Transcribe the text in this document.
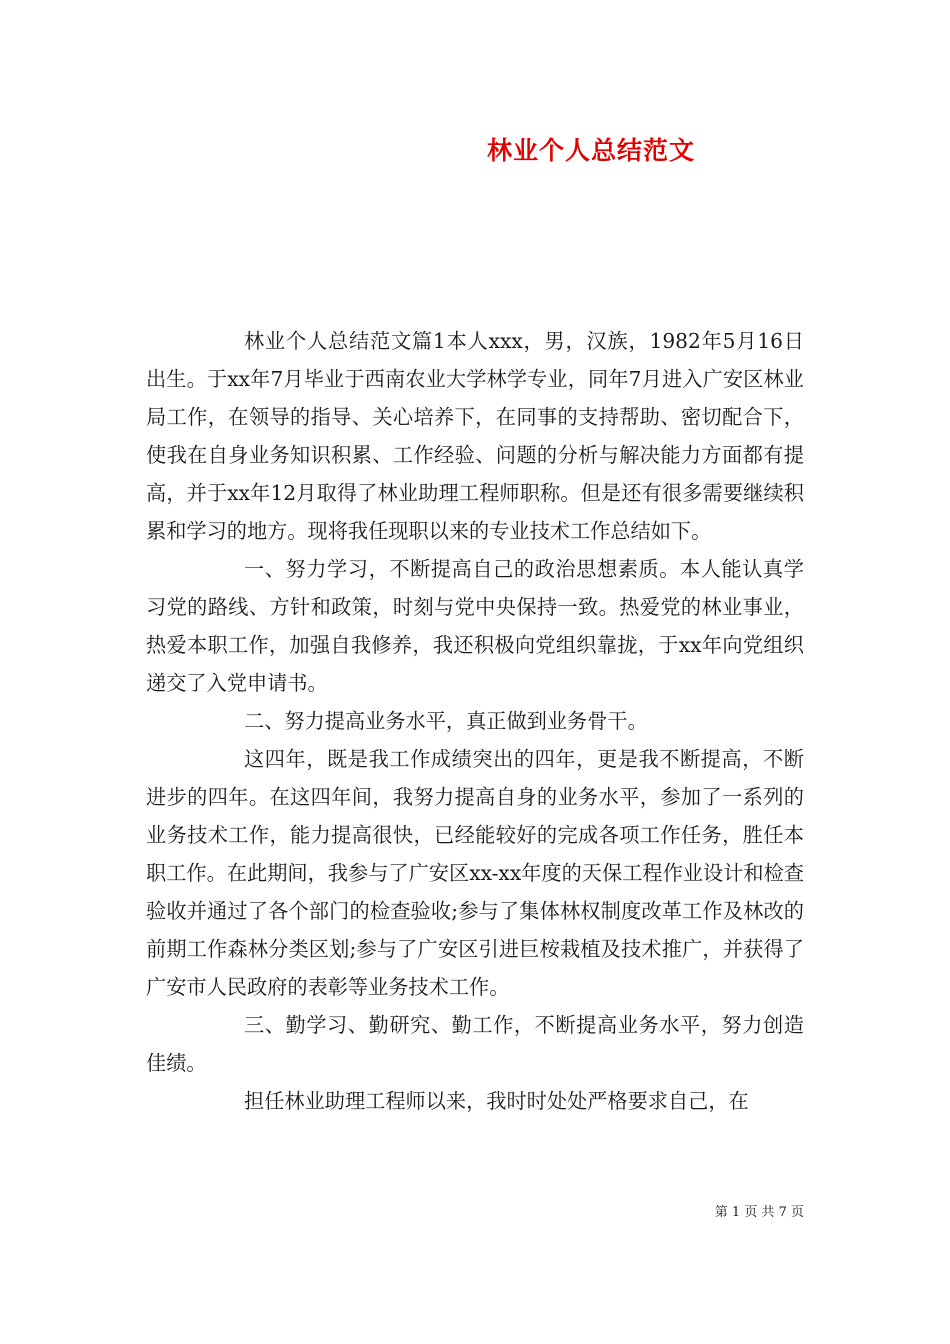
林业个人总结范文

林业个人总结范文篇1本人xxx，男，汉族，1982年5月16日出生。于xx年7月毕业于西南农业大学林学专业，同年7月进入广安区林业局工作，在领导的指导、关心培养下，在同事的支持帮助、密切配合下，使我在自身业务知识积累、工作经验、问题的分析与解决能力方面都有提高，并于xx年12月取得了林业助理工程师职称。但是还有很多需要继续积累和学习的地方。现将我任现职以来的专业技术工作总结如下。

一、努力学习，不断提高自己的政治思想素质。本人能认真学习党的路线、方针和政策，时刻与党中央保持一致。热爱党的林业事业，热爱本职工作，加强自我修养，我还积极向党组织靠拢，于xx年向党组织递交了入党申请书。

二、努力提高业务水平，真正做到业务骨干。

这四年，既是我工作成绩突出的四年，更是我不断提高，不断进步的四年。在这四年间，我努力提高自身的业务水平，参加了一系列的业务技术工作，能力提高很快，已经能较好的完成各项工作任务，胜任本职工作。在此期间，我参与了广安区xx-xx年度的天保工程作业设计和检查验收并通过了各个部门的检查验收;参与了集体林权制度改革工作及林改的前期工作森林分类区划;参与了广安区引进巨桉栽植及技术推广，并获得了广安市人民政府的表彰等业务技术工作。

三、勤学习、勤研究、勤工作，不断提高业务水平，努力创造佳绩。

担任林业助理工程师以来，我时时处处严格要求自己，在

第 1 页 共 7 页
